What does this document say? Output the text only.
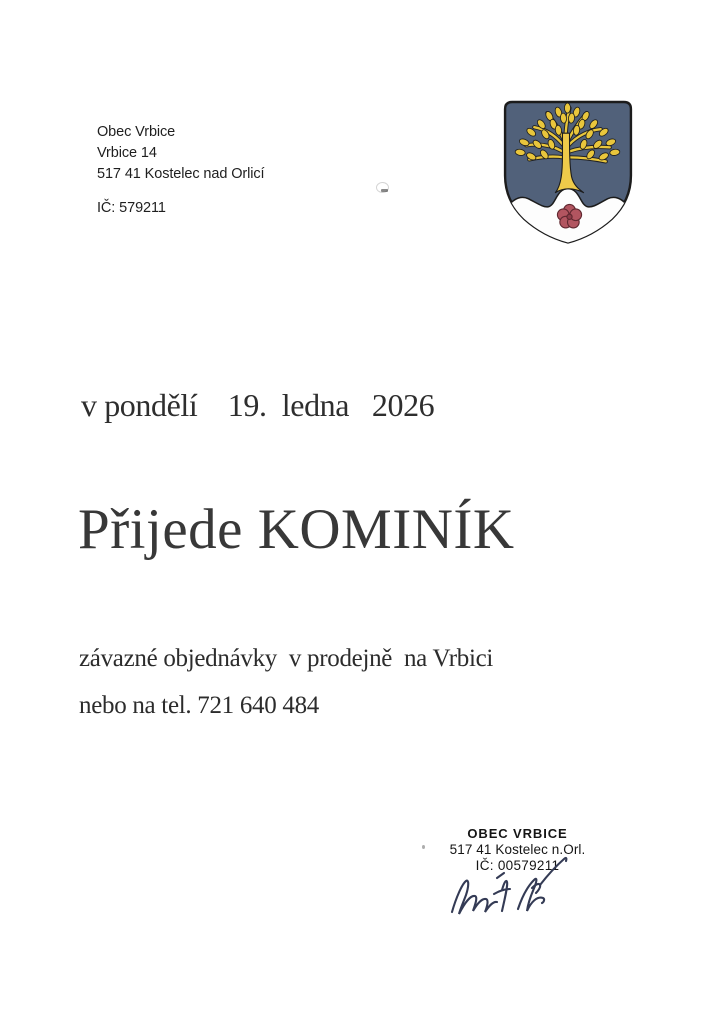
Obec Vrbice
Vrbice 14
517 41 Kostelec nad Orlicí
IČ: 579211
v pondělí    19.  ledna   2026
Přijede KOMINÍK
závazné objednávky  v prodejně  na Vrbici
nebo na tel. 721 640 484
OBEC VRBICE
517 41 Kostelec n.Orl.
IČ: 00579211
